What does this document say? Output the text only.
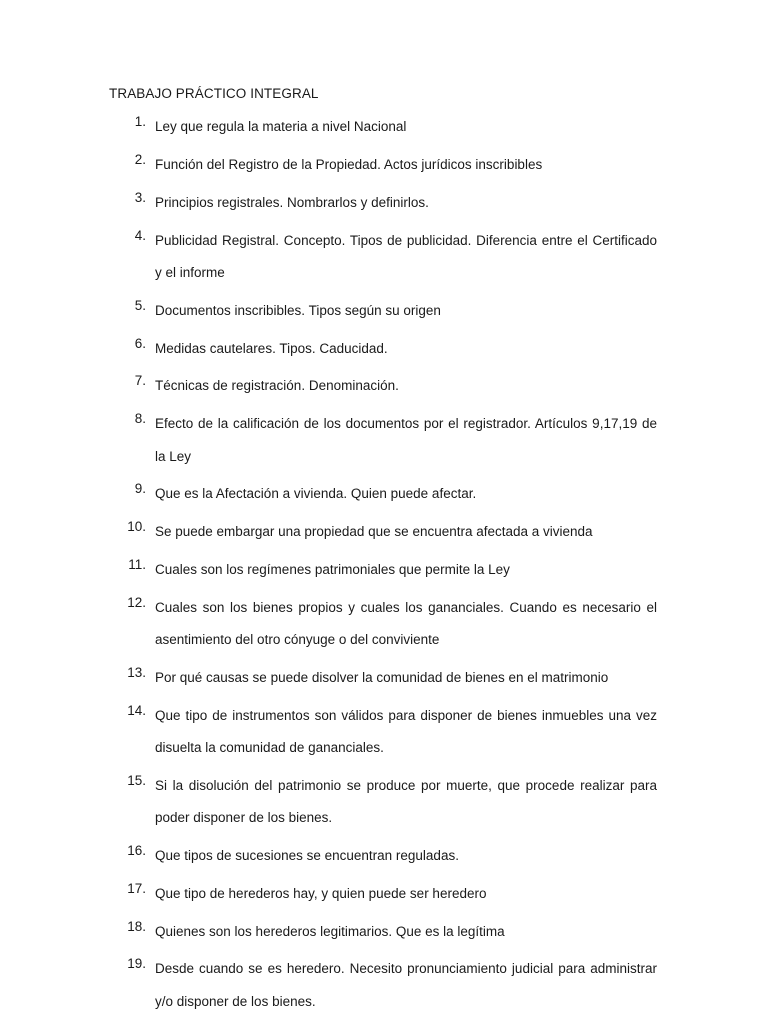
TRABAJO PRÁCTICO INTEGRAL
1. Ley que regula la materia a nivel Nacional
2. Función del Registro de la Propiedad. Actos jurídicos inscribibles
3. Principios registrales. Nombrarlos y definirlos.
4. Publicidad Registral. Concepto. Tipos de publicidad. Diferencia entre el Certificado y el informe
5. Documentos inscribibles. Tipos según su origen
6. Medidas cautelares. Tipos. Caducidad.
7. Técnicas de registración. Denominación.
8. Efecto de la calificación de los documentos por el registrador. Artículos 9,17,19 de la Ley
9. Que es la Afectación a vivienda. Quien puede afectar.
10. Se puede embargar una propiedad que se encuentra afectada a vivienda
11. Cuales son los regímenes patrimoniales que permite la Ley
12. Cuales son los bienes propios y cuales los gananciales. Cuando es necesario el asentimiento del otro cónyuge o del conviviente
13. Por qué causas se puede disolver la comunidad de bienes en el matrimonio
14. Que tipo de instrumentos son válidos para disponer de bienes inmuebles una vez disuelta la comunidad de gananciales.
15. Si la disolución del patrimonio se produce por muerte, que procede realizar para poder disponer de los bienes.
16. Que tipos de sucesiones se encuentran reguladas.
17. Que tipo de herederos hay, y quien puede ser heredero
18. Quienes son los herederos legitimarios. Que es la legítima
19. Desde cuando se es heredero. Necesito pronunciamiento judicial para administrar y/o disponer de los bienes.
